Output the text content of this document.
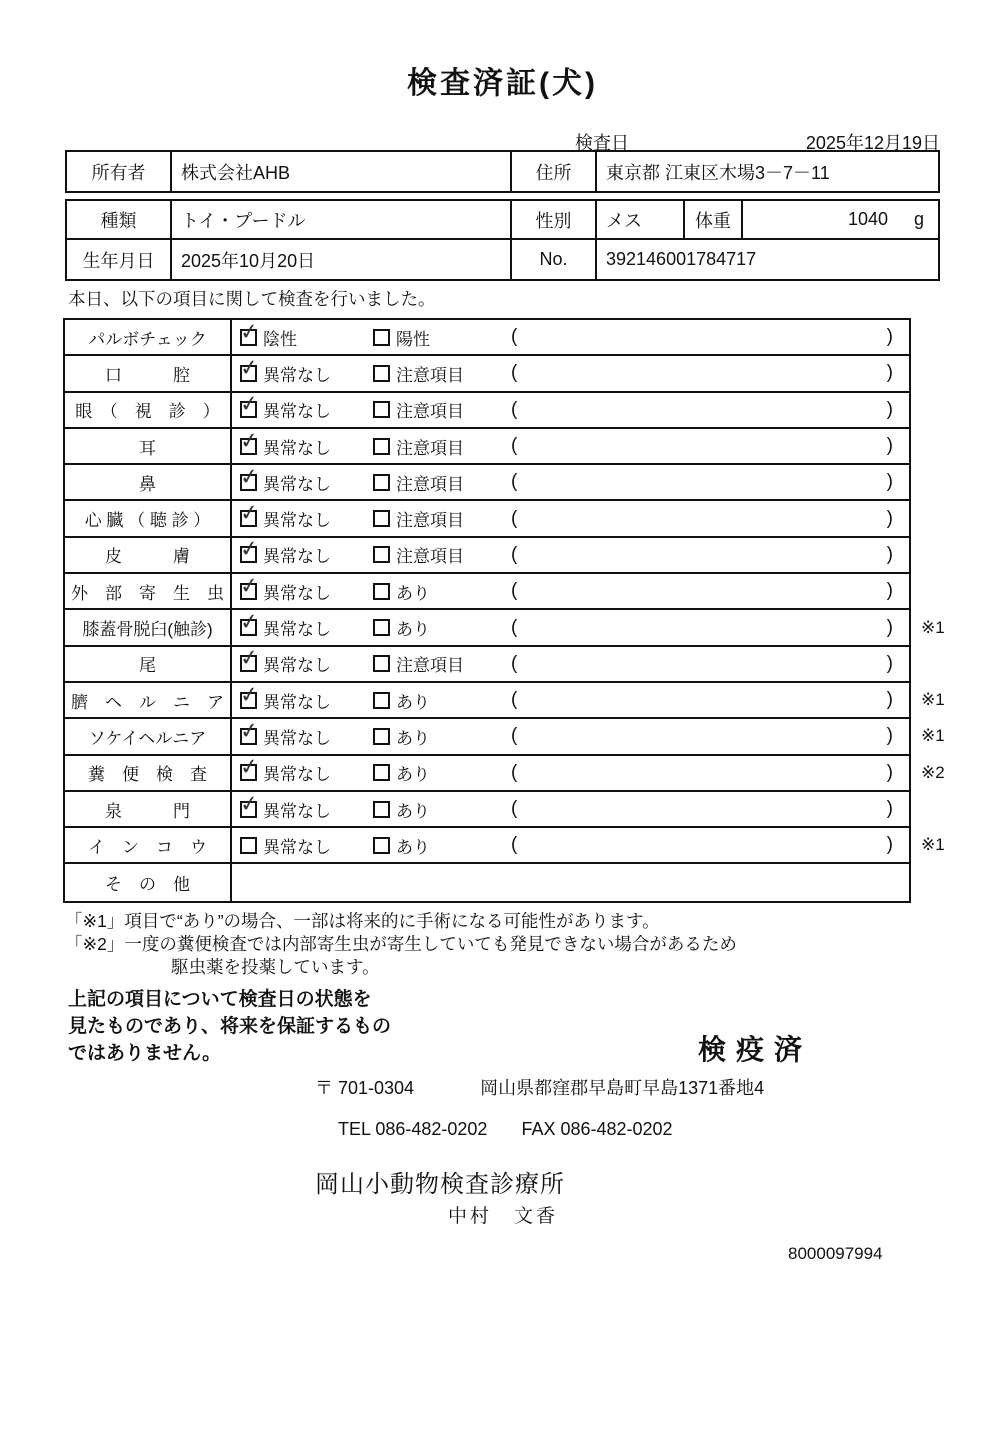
検査済証(犬)
検査日	2025年12月19日
所有者	株式会社AHB	住所	東京都 江東区木場3－7－11
種類	トイ・プードル	性別	メス	体重	1040 g
生年月日	2025年10月20日	No.	392146001784717
本日、以下の項目に関して検査を行いました。
パルボチェック ✓	陰性	陽性	(	)
口　　　腔 ✓	異常なし	注意項目 (	)
眼　（　視　診　） ✓	異常なし	注意項目 (	)
耳 ✓	異常なし	注意項目 (	)
鼻 ✓	異常なし	注意項目 (	)
心 臓 （ 聴 診 ） ✓	異常なし	注意項目 (	)
皮　　　膚 ✓	異常なし	注意項目 (	)
外　部　寄　生　虫 ✓	異常なし	あり	(	)
膝蓋骨脱臼(触診) ✓	異常なし	あり	(	) ※1
尾 ✓	異常なし	注意項目 (	)
臍　ヘ　ル　ニ　ア ✓	異常なし	あり	(	) ※1
ソケイヘルニア ✓	異常なし	あり	(	) ※1
糞　便　検　査 ✓	異常なし	あり	(	) ※2
泉　　　門 ✓	異常なし	あり	(	)
イ　ン　コ　ウ	異常なし	あり	(	) ※1
そ　の　他
「※1」項目で“あり”の場合、一部は将来的に手術になる可能性があります。
「※2」一度の糞便検査では内部寄生虫が寄生していても発見できない場合があるため
駆虫薬を投薬しています。
上記の項目について検査日の状態を
見たものであり、将来を保証するもの
ではありません。	検疫済
〒 701-0304	岡山県都窪郡早島町早島1371番地4
TEL 086-482-0202 FAX 086-482-0202
岡山小動物検査診療所
中村　文香
8000097994
